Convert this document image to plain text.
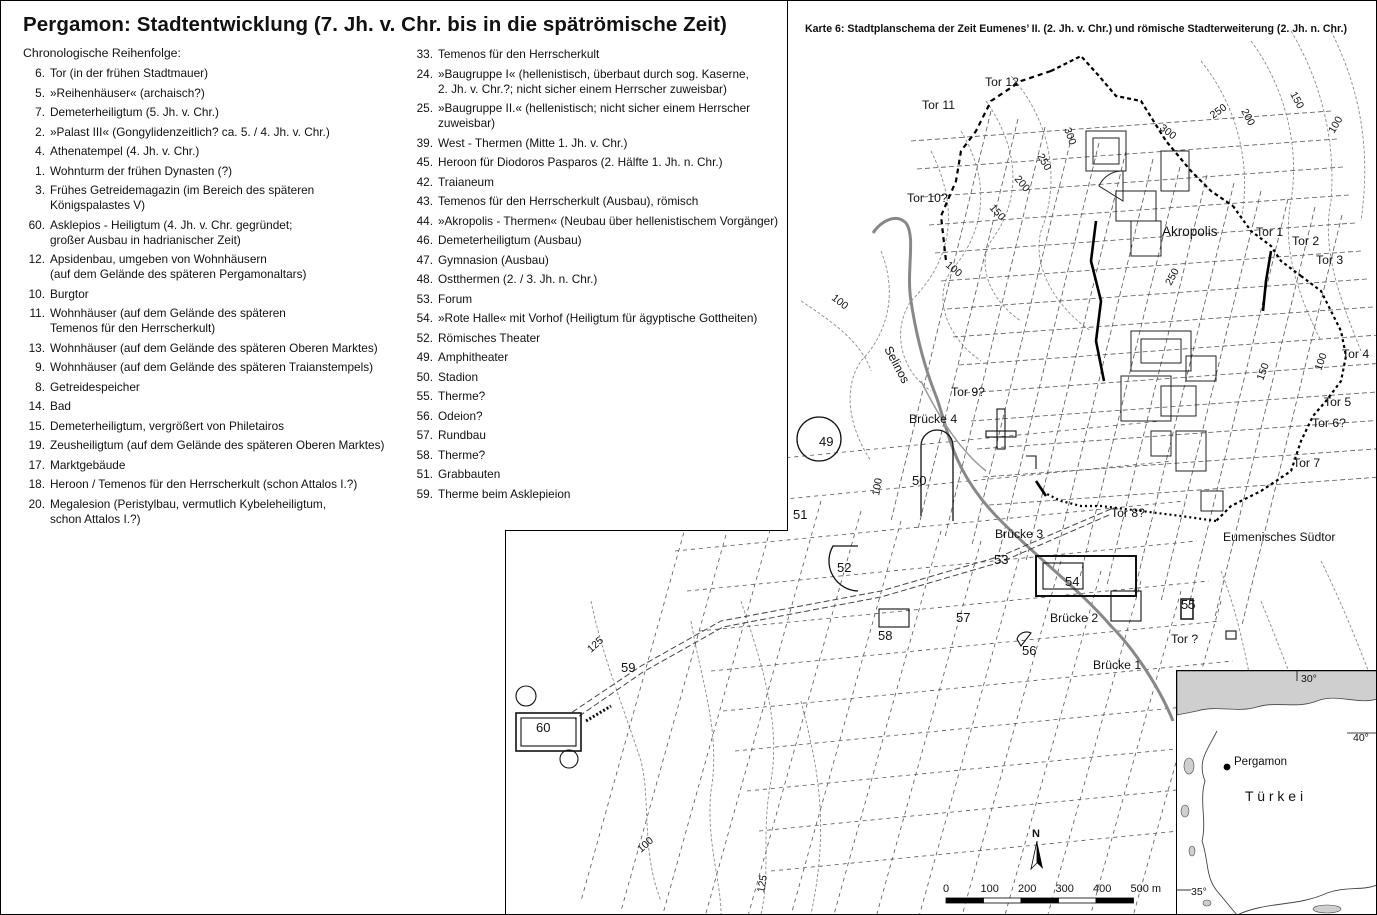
Tor 12
Tor 11
Tor 10?
Tor 1
Tor 2
Tor 3
Tor 4
Tor 5
Tor 6?
Tor 7
Tor 8?
Tor 9?
Tor ?
Akropolis
Eumenisches Südtor
Brücke 1
Brücke 2
Brücke 3
Brücke 4
Selinos
49
50
51
52
53
54
55
56
57
58
59
60
300	300
250
250
250
200
200
150
150
150
100
100
100
100
100
100
125
125
N
0	100 200 300 400 500 m
Pergamon: Stadtentwicklung (7. Jh. v. Chr. bis in die spätrömische Zeit)
Chronologische Reihenfolge:
6. Tor (in der frühen Stadtmauer)
5. »Reihenhäuser« (archaisch?)
7. Demeterheiligtum (5. Jh. v. Chr.)
2. »Palast III« (Gongylidenzeitlich? ca. 5. / 4. Jh. v. Chr.)
4. Athenatempel (4. Jh. v. Chr.)
1. Wohnturm der frühen Dynasten (?)
3. Frühes Getreidemagazin (im Bereich des späteren
Königspalastes V)
60. Asklepios - Heiligtum (4. Jh. v. Chr. gegründet;
großer Ausbau in hadrianischer Zeit)
12. Apsidenbau, umgeben von Wohnhäusern
(auf dem Gelände des späteren Pergamonaltars)
10. Burgtor
11. Wohnhäuser (auf dem Gelände des späteren
Temenos für den Herrscherkult)
13. Wohnhäuser (auf dem Gelände des späteren Oberen Marktes)
9. Wohnhäuser (auf dem Gelände des späteren Traianstempels)
8. Getreidespeicher
14. Bad
15. Demeterheiligtum, vergrößert von Philetairos
19. Zeusheiligtum (auf dem Gelände des späteren Oberen Marktes)
17. Marktgebäude
18. Heroon / Temenos für den Herrscherkult (schon Attalos I.?)
20. Megalesion (Peristylbau, vermutlich Kybeleheiligtum,
schon Attalos I.?)
33. Temenos für den Herrscherkult
24. »Baugruppe I« (hellenistisch, überbaut durch sog. Kaserne,
2. Jh. v. Chr.?; nicht sicher einem Herrscher zuweisbar)
25. »Baugruppe II.« (hellenistisch; nicht sicher einem Herrscher
zuweisbar)
39. West - Thermen (Mitte 1. Jh. v. Chr.)
45. Heroon für Diodoros Pasparos (2. Hälfte 1. Jh. n. Chr.)
42. Traianeum
43. Temenos für den Herrscherkult (Ausbau), römisch
44. »Akropolis - Thermen« (Neubau über hellenistischem Vorgänger)
46. Demeterheiligtum (Ausbau)
47. Gymnasion (Ausbau)
48. Ostthermen (2. / 3. Jh. n. Chr.)
53. Forum
54. »Rote Halle« mit Vorhof (Heiligtum für ägyptische Gottheiten)
52. Römisches Theater
49. Amphitheater
50. Stadion
55. Therme?
56. Odeion?
57. Rundbau
58. Therme?
51. Grabbauten
59. Therme beim Asklepieion
Karte 6: Stadtplanschema der Zeit Eumenes’ II. (2. Jh. v. Chr.) und römische Stadterweiterung (2. Jh. n. Chr.)
Pergamon
T ü r k e i
30°
40°
35°
